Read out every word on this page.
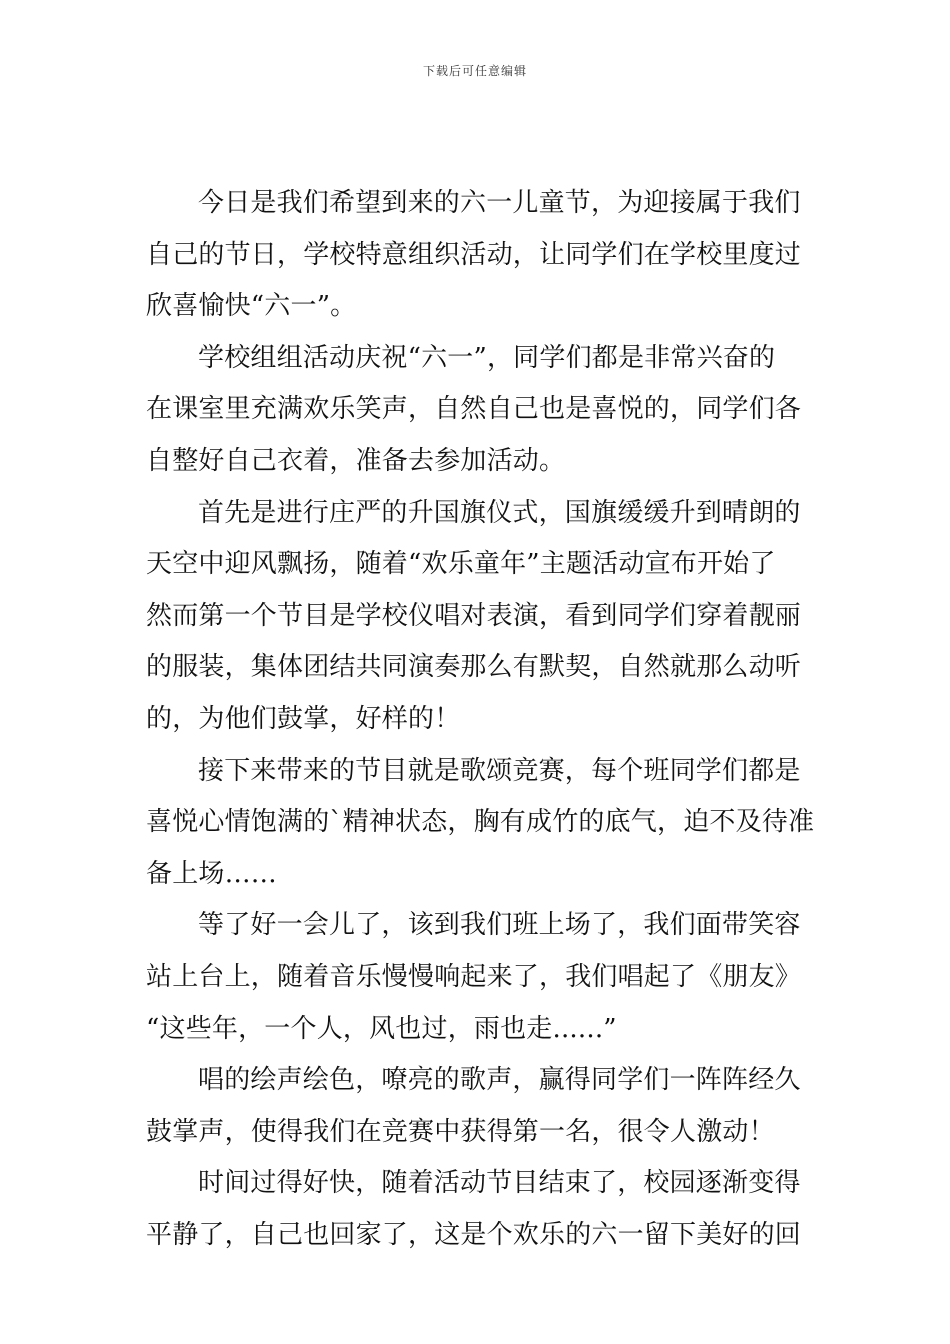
下载后可任意编辑
今日是我们希望到来的六一儿童节，为迎接属于我们
自己的节日，学校特意组织活动，让同学们在学校里度过
欣喜愉快“六一”。
学校组组活动庆祝“六一”，同学们都是非常兴奋的
在课室里充满欢乐笑声，自然自己也是喜悦的，同学们各
自整好自己衣着，准备去参加活动。
首先是进行庄严的升国旗仪式，国旗缓缓升到晴朗的
天空中迎风飘扬，随着“欢乐童年”主题活动宣布开始了
然而第一个节目是学校仪唱对表演，看到同学们穿着靓丽
的服装，集体团结共同演奏那么有默契，自然就那么动听
的，为他们鼓掌，好样的！
接下来带来的节目就是歌颂竞赛，每个班同学们都是
喜悦心情饱满的`精神状态，胸有成竹的底气，迫不及待准
备上场……
等了好一会儿了，该到我们班上场了，我们面带笑容
站上台上，随着音乐慢慢响起来了，我们唱起了《朋友》
“这些年，一个人，风也过，雨也走......”
唱的绘声绘色，嘹亮的歌声，赢得同学们一阵阵经久
鼓掌声，使得我们在竞赛中获得第一名，很令人激动！
时间过得好快，随着活动节目结束了，校园逐渐变得
平静了，自己也回家了，这是个欢乐的六一留下美好的回
